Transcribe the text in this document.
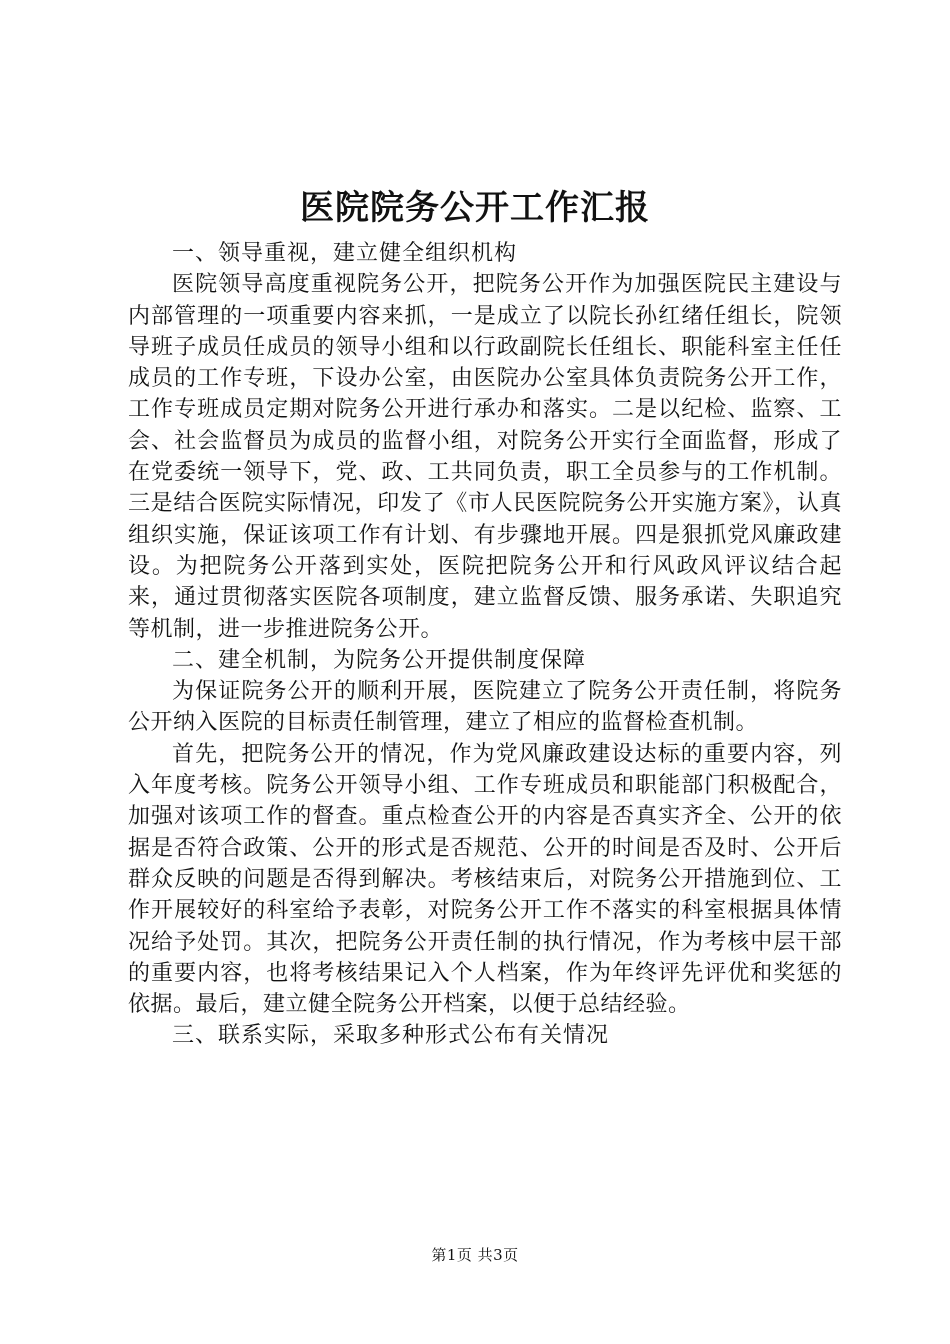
医院院务公开工作汇报

一、领导重视，建立健全组织机构

医院领导高度重视院务公开，把院务公开作为加强医院民主建设与内部管理的一项重要内容来抓，一是成立了以院长孙红绪任组长，院领导班子成员任成员的领导小组和以行政副院长任组长、职能科室主任任成员的工作专班，下设办公室，由医院办公室具体负责院务公开工作，工作专班成员定期对院务公开进行承办和落实。二是以纪检、监察、工会、社会监督员为成员的监督小组，对院务公开实行全面监督，形成了在党委统一领导下，党、政、工共同负责，职工全员参与的工作机制。三是结合医院实际情况，印发了《市人民医院院务公开实施方案》，认真组织实施，保证该项工作有计划、有步骤地开展。四是狠抓党风廉政建设。为把院务公开落到实处，医院把院务公开和行风政风评议结合起来，通过贯彻落实医院各项制度，建立监督反馈、服务承诺、失职追究等机制，进一步推进院务公开。

二、建全机制，为院务公开提供制度保障

为保证院务公开的顺利开展，医院建立了院务公开责任制，将院务公开纳入医院的目标责任制管理，建立了相应的监督检查机制。

首先，把院务公开的情况，作为党风廉政建设达标的重要内容，列入年度考核。院务公开领导小组、工作专班成员和职能部门积极配合，加强对该项工作的督查。重点检查公开的内容是否真实齐全、公开的依据是否符合政策、公开的形式是否规范、公开的时间是否及时、公开后群众反映的问题是否得到解决。考核结束后，对院务公开措施到位、工作开展较好的科室给予表彰，对院务公开工作不落实的科室根据具体情况给予处罚。其次，把院务公开责任制的执行情况，作为考核中层干部的重要内容，也将考核结果记入个人档案，作为年终评先评优和奖惩的依据。最后，建立健全院务公开档案，以便于总结经验。

三、联系实际，采取多种形式公布有关情况

第1页 共3页
